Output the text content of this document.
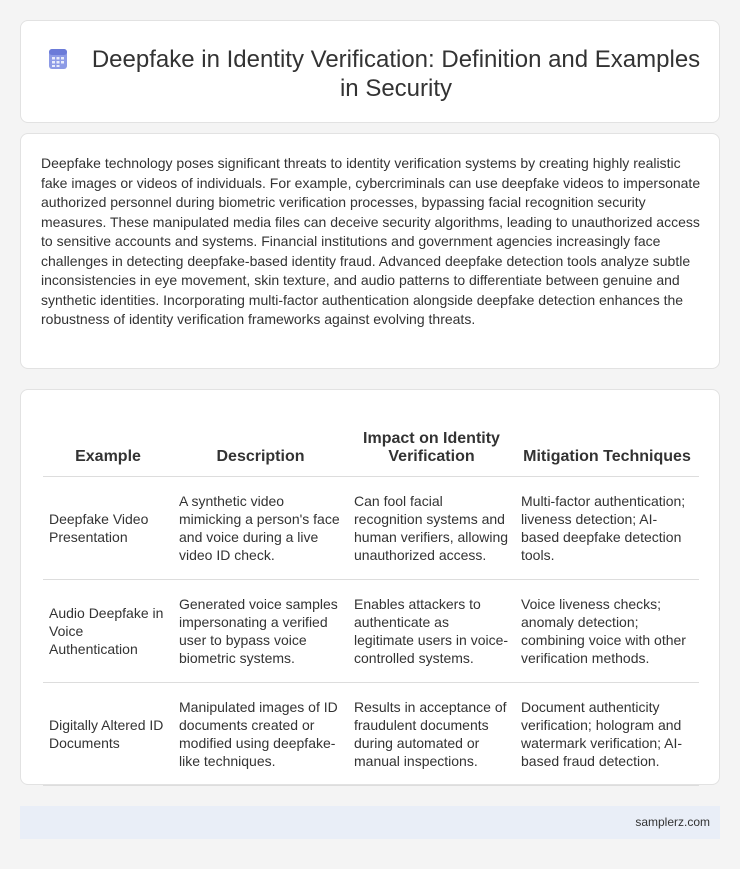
Deepfake in Identity Verification: Definition and Examples in Security

Deepfake technology poses significant threats to identity verification systems by creating highly realistic fake images or videos of individuals. For example, cybercriminals can use deepfake videos to impersonate authorized personnel during biometric verification processes, bypassing facial recognition security measures. These manipulated media files can deceive security algorithms, leading to unauthorized access to sensitive accounts and systems. Financial institutions and government agencies increasingly face challenges in detecting deepfake-based identity fraud. Advanced deepfake detection tools analyze subtle inconsistencies in eye movement, skin texture, and audio patterns to differentiate between genuine and synthetic identities. Incorporating multi-factor authentication alongside deepfake detection enhances the robustness of identity verification frameworks against evolving threats.

Example	Description	Impact on Identity Verification	Mitigation Techniques
Deepfake Video Presentation	A synthetic video mimicking a person's face and voice during a live video ID check.	Can fool facial recognition systems and human verifiers, allowing unauthorized access.	Multi-factor authentication; liveness detection; AI-based deepfake detection tools.
Audio Deepfake in Voice Authentication	Generated voice samples impersonating a verified user to bypass voice biometric systems.	Enables attackers to authenticate as legitimate users in voice-controlled systems.	Voice liveness checks; anomaly detection; combining voice with other verification methods.
Digitally Altered ID Documents	Manipulated images of ID documents created or modified using deepfake-like techniques.	Results in acceptance of fraudulent documents during automated or manual inspections.	Document authenticity verification; hologram and watermark verification; AI-based fraud detection.
samplerz.com
